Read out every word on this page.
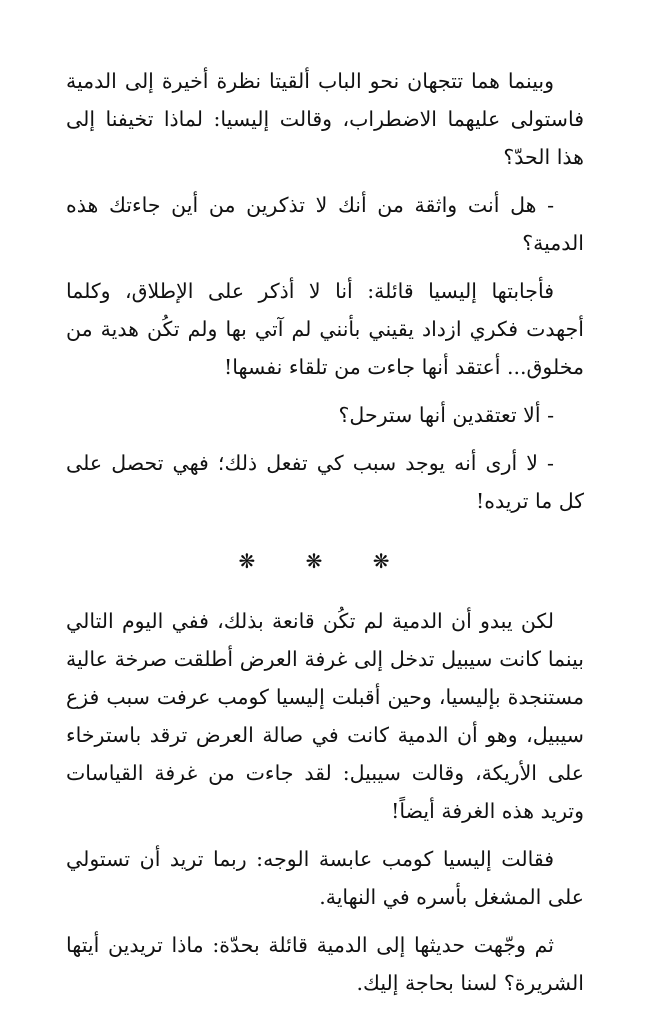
وبينما هما تتجهان نحو الباب ألقيتا نظرة أخيرة إلى الدمية فاستولى عليهما الاضطراب، وقالت إليسيا: لماذا تخيفنا إلى هذا الحدّ؟

- هل أنت واثقة من أنك لا تذكرين من أين جاءتك هذه الدمية؟

فأجابتها إليسيا قائلة: أنا لا أذكر على الإطلاق، وكلما أجهدت فكري ازداد يقيني بأنني لم آتي بها ولم تكُن هدية من مخلوق... أعتقد أنها جاءت من تلقاء نفسها!

- ألا تعتقدين أنها سترحل؟

- لا أرى أنه يوجد سبب كي تفعل ذلك؛ فهي تحصل على كل ما تريده!

❋ ❋ ❋

لكن يبدو أن الدمية لم تكُن قانعة بذلك، ففي اليوم التالي بينما كانت سيبيل تدخل إلى غرفة العرض أطلقت صرخة عالية مستنجدة بإليسيا، وحين أقبلت إليسيا كومب عرفت سبب فزع سيبيل، وهو أن الدمية كانت في صالة العرض ترقد باسترخاء على الأريكة، وقالت سيبيل: لقد جاءت من غرفة القياسات وتريد هذه الغرفة أيضاً!

فقالت إليسيا كومب عابسة الوجه: ربما تريد أن تستولي على المشغل بأسره في النهاية.

ثم وجّهت حديثها إلى الدمية قائلة بحدّة: ماذا تريدين أيتها الشريرة؟ لسنا بحاجة إليك.
